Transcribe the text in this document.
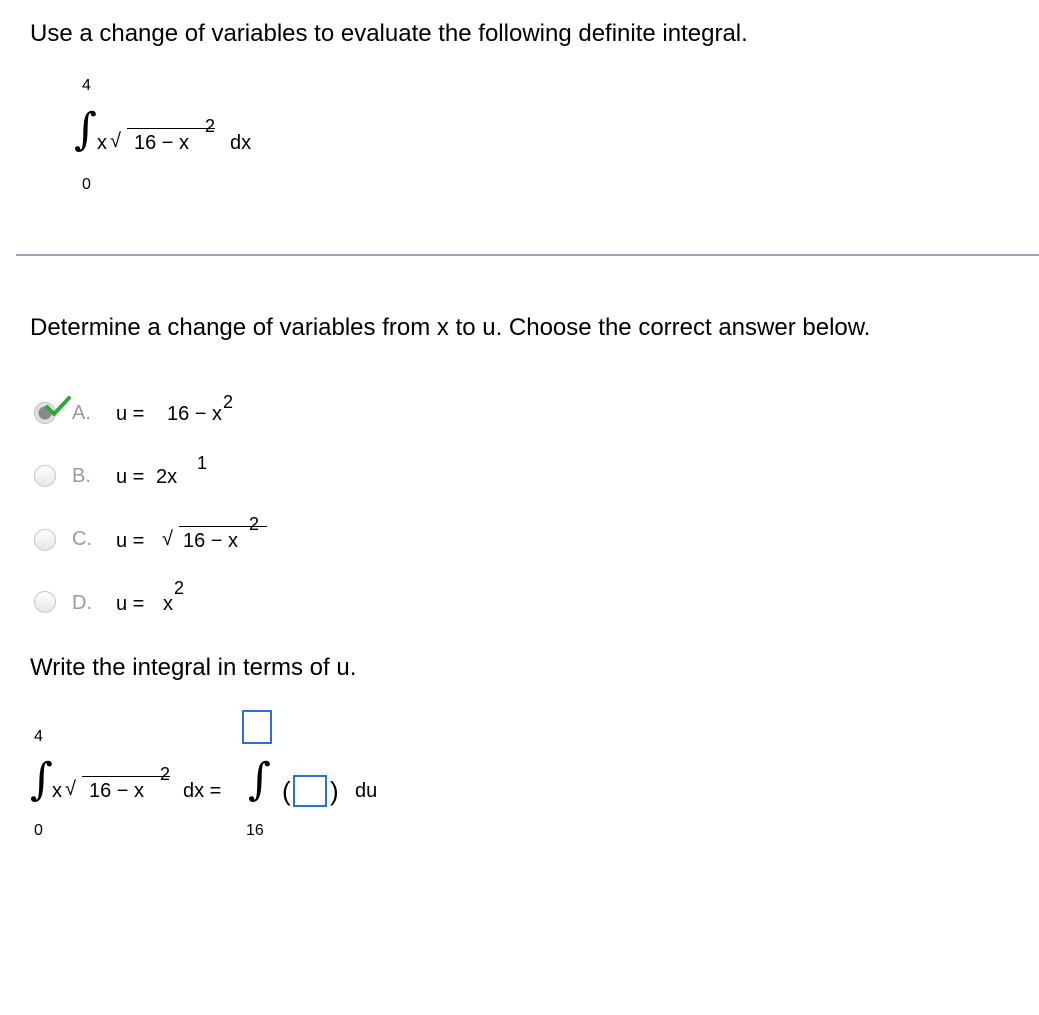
Use a change of variables to evaluate the following definite integral.
4
∫
0
x √ 16 − x
2
dx
Determine a change of variables from x to u. Choose the correct answer below.
A. u = 16 − x
2
B. u = 2x
1
C. u = √ 16 − x
2
D. u = x
2
Write the integral in terms of u.
4
∫
0
x √ 16 − x
2
dx = ∫
16
( ) du
